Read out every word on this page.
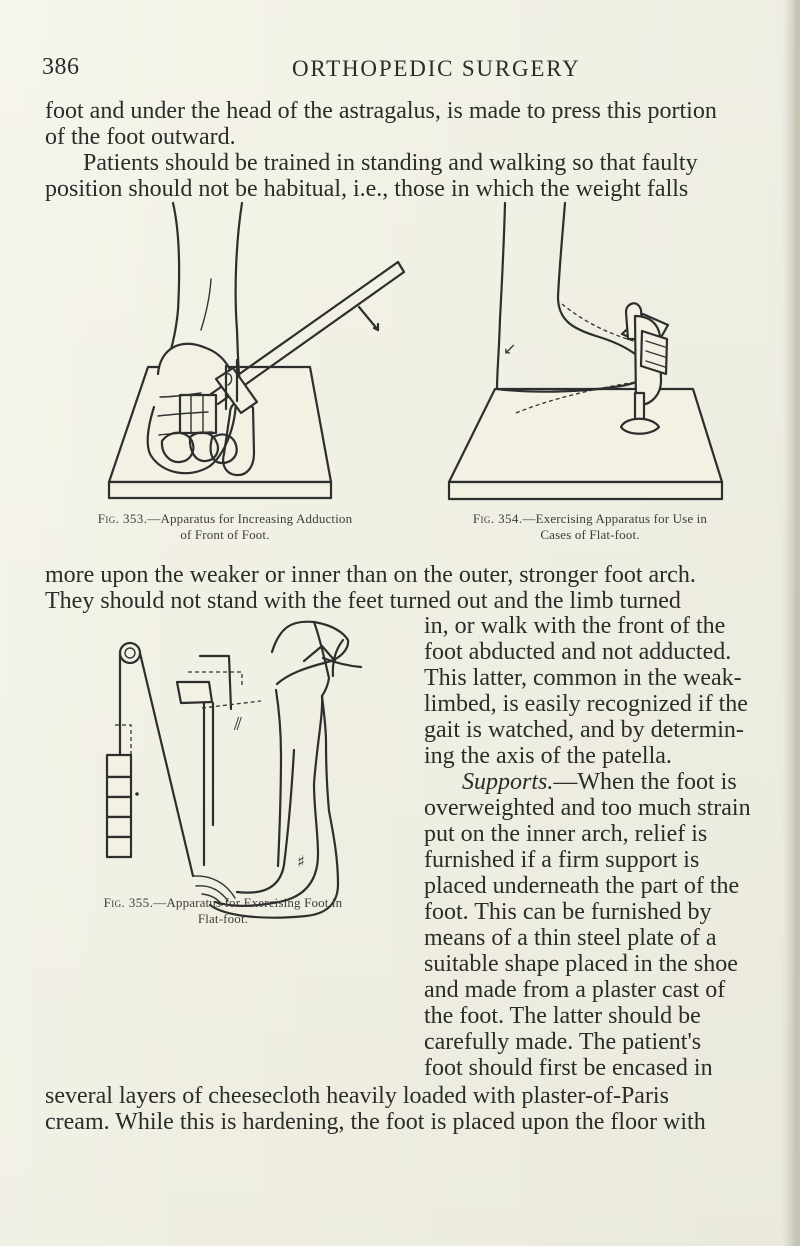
386	ORTHOPEDIC SURGERY

foot and under the head of the astragalus, is made to press this portion

of the foot outward.

Patients should be trained in standing and walking so that faulty

position should not be habitual, i.e., those in which the weight falls

↙
Fig. 353.—Apparatus for Increasing Adduction
of Front of Foot.
Fig. 354.—Exercising Apparatus for Use in
Cases of Flat-foot.

more upon the weaker or inner than on the outer, stronger foot arch.

They should not stand with the feet turned out and the limb turned

⫽
♯
Fig. 355.—Apparatus for Exercising Foot in
Flat-foot.

in, or walk with the front of the

foot abducted and not adducted.

This latter, common in the weak-

limbed, is easily recognized if the

gait is watched, and by determin-

ing the axis of the patella.

Supports.—When the foot is

overweighted and too much strain

put on the inner arch, relief is

furnished if a firm support is

placed underneath the part of the

foot. This can be furnished by

means of a thin steel plate of a

suitable shape placed in the shoe

and made from a plaster cast of

the foot. The latter should be

carefully made. The patient's

foot should first be encased in

several layers of cheesecloth heavily loaded with plaster-of-Paris

cream. While this is hardening, the foot is placed upon the floor with
